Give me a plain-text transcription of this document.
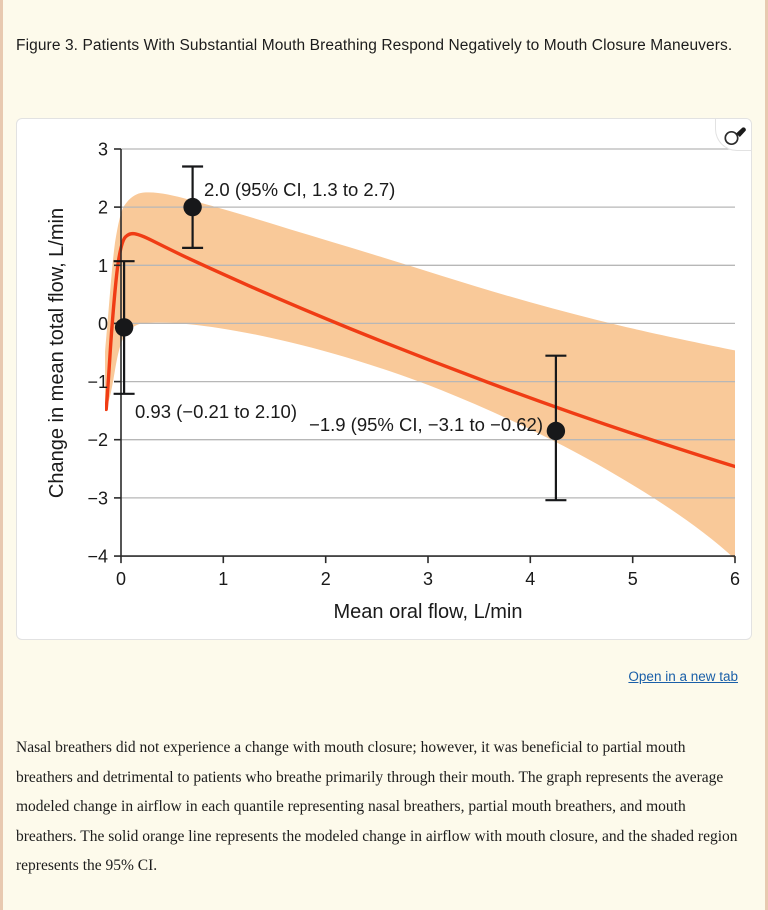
Figure 3. Patients With Substantial Mouth Breathing Respond Negatively to Mouth Closure Maneuvers.
3
2
1
0
−1
−2
−3
−4
0	1	2	3	4	5	6
0.93 (−0.21 to 2.10)
2.0 (95% CI, 1.3 to 2.7)
−1.9 (95% CI, −3.1 to −0.62)
Mean oral flow, L/min
Change in mean total flow, L/min
Open in a new tab
Nasal breathers did not experience a change with mouth closure; however, it was beneficial to partial mouth breathers and detrimental to patients who breathe primarily through their mouth. The graph represents the average modeled change in airflow in each quantile representing nasal breathers, partial mouth breathers, and mouth breathers. The solid orange line represents the modeled change in airflow with mouth closure, and the shaded region represents the 95% CI.
